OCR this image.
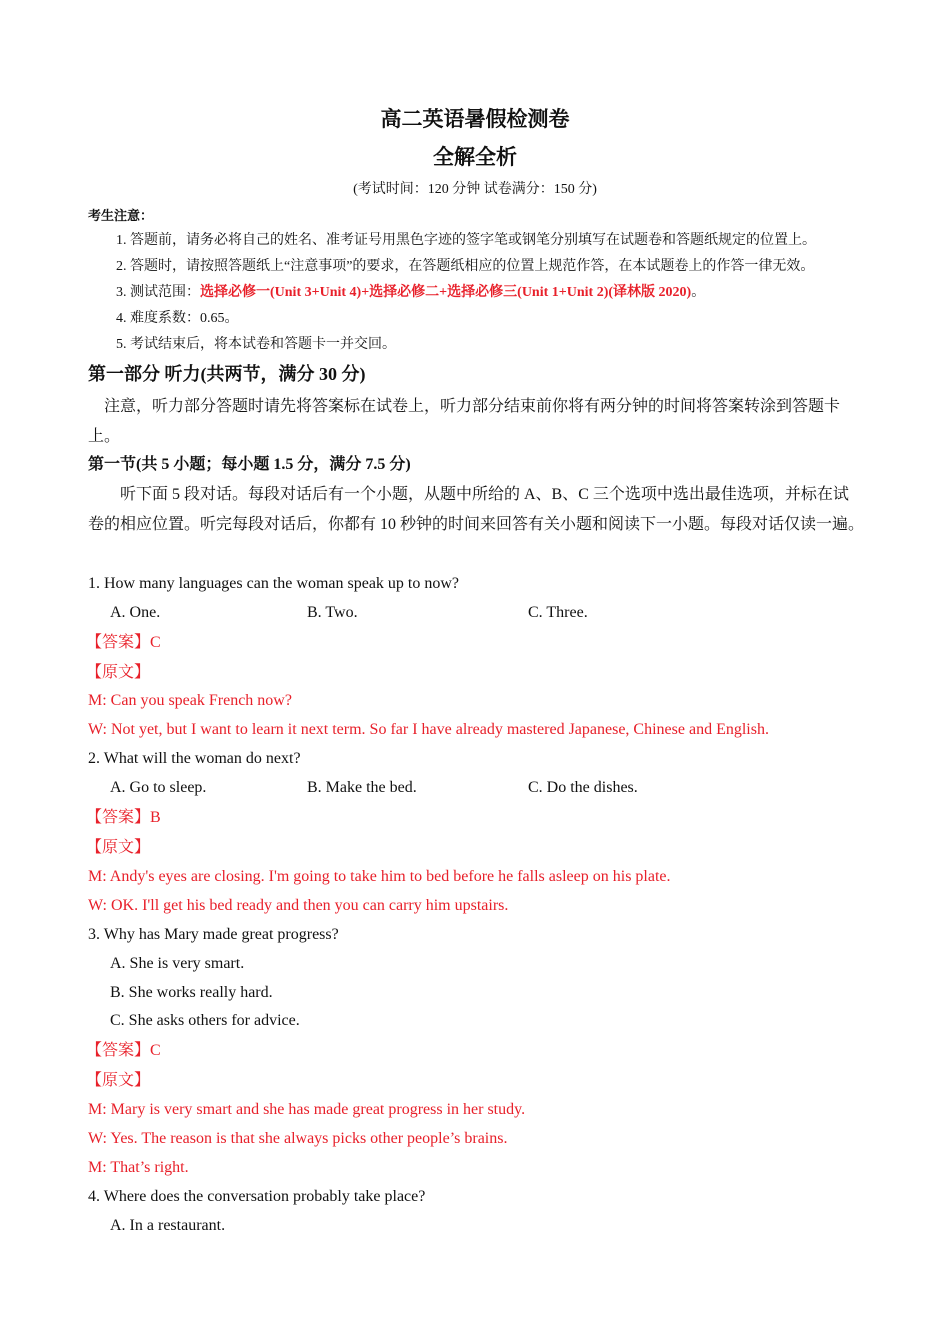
高二英语暑假检测卷
全解全析
(考试时间：120 分钟 试卷满分：150 分)
考生注意：
1. 答题前，请务必将自己的姓名、准考证号用黑色字迹的签字笔或钢笔分别填写在试题卷和答题纸规定的位置上。
2. 答题时，请按照答题纸上“注意事项”的要求，在答题纸相应的位置上规范作答，在本试题卷上的作答一律无效。
3. 测试范围：选择必修一(Unit 3+Unit 4)+选择必修二+选择必修三(Unit 1+Unit 2)(译林版 2020)。
4. 难度系数：0.65。
5. 考试结束后，将本试卷和答题卡一并交回。
第一部分 听力(共两节，满分 30 分)
注意，听力部分答题时请先将答案标在试卷上，听力部分结束前你将有两分钟的时间将答案转涂到答题卡上。
第一节(共 5 小题；每小题 1.5 分，满分 7.5 分)
听下面 5 段对话。每段对话后有一个小题，从题中所给的 A、B、C 三个选项中选出最佳选项，并标在试卷的相应位置。听完每段对话后，你都有 10 秒钟的时间来回答有关小题和阅读下一小题。每段对话仅读一遍。
1. How many languages can the woman speak up to now?
A. One.	B. Two.	C. Three.
【答案】C
【原文】
M: Can you speak French now?
W: Not yet, but I want to learn it next term. So far I have already mastered Japanese, Chinese and English.
2. What will the woman do next?
A. Go to sleep.	B. Make the bed.	C. Do the dishes.
【答案】B
【原文】
M: Andy's eyes are closing. I'm going to take him to bed before he falls asleep on his plate.
W: OK. I'll get his bed ready and then you can carry him upstairs.
3. Why has Mary made great progress?
A. She is very smart.
B. She works really hard.
C. She asks others for advice.
【答案】C
【原文】
M: Mary is very smart and she has made great progress in her study.
W: Yes. The reason is that she always picks other people’s brains.
M: That’s right.
4. Where does the conversation probably take place?
A. In a restaurant.
